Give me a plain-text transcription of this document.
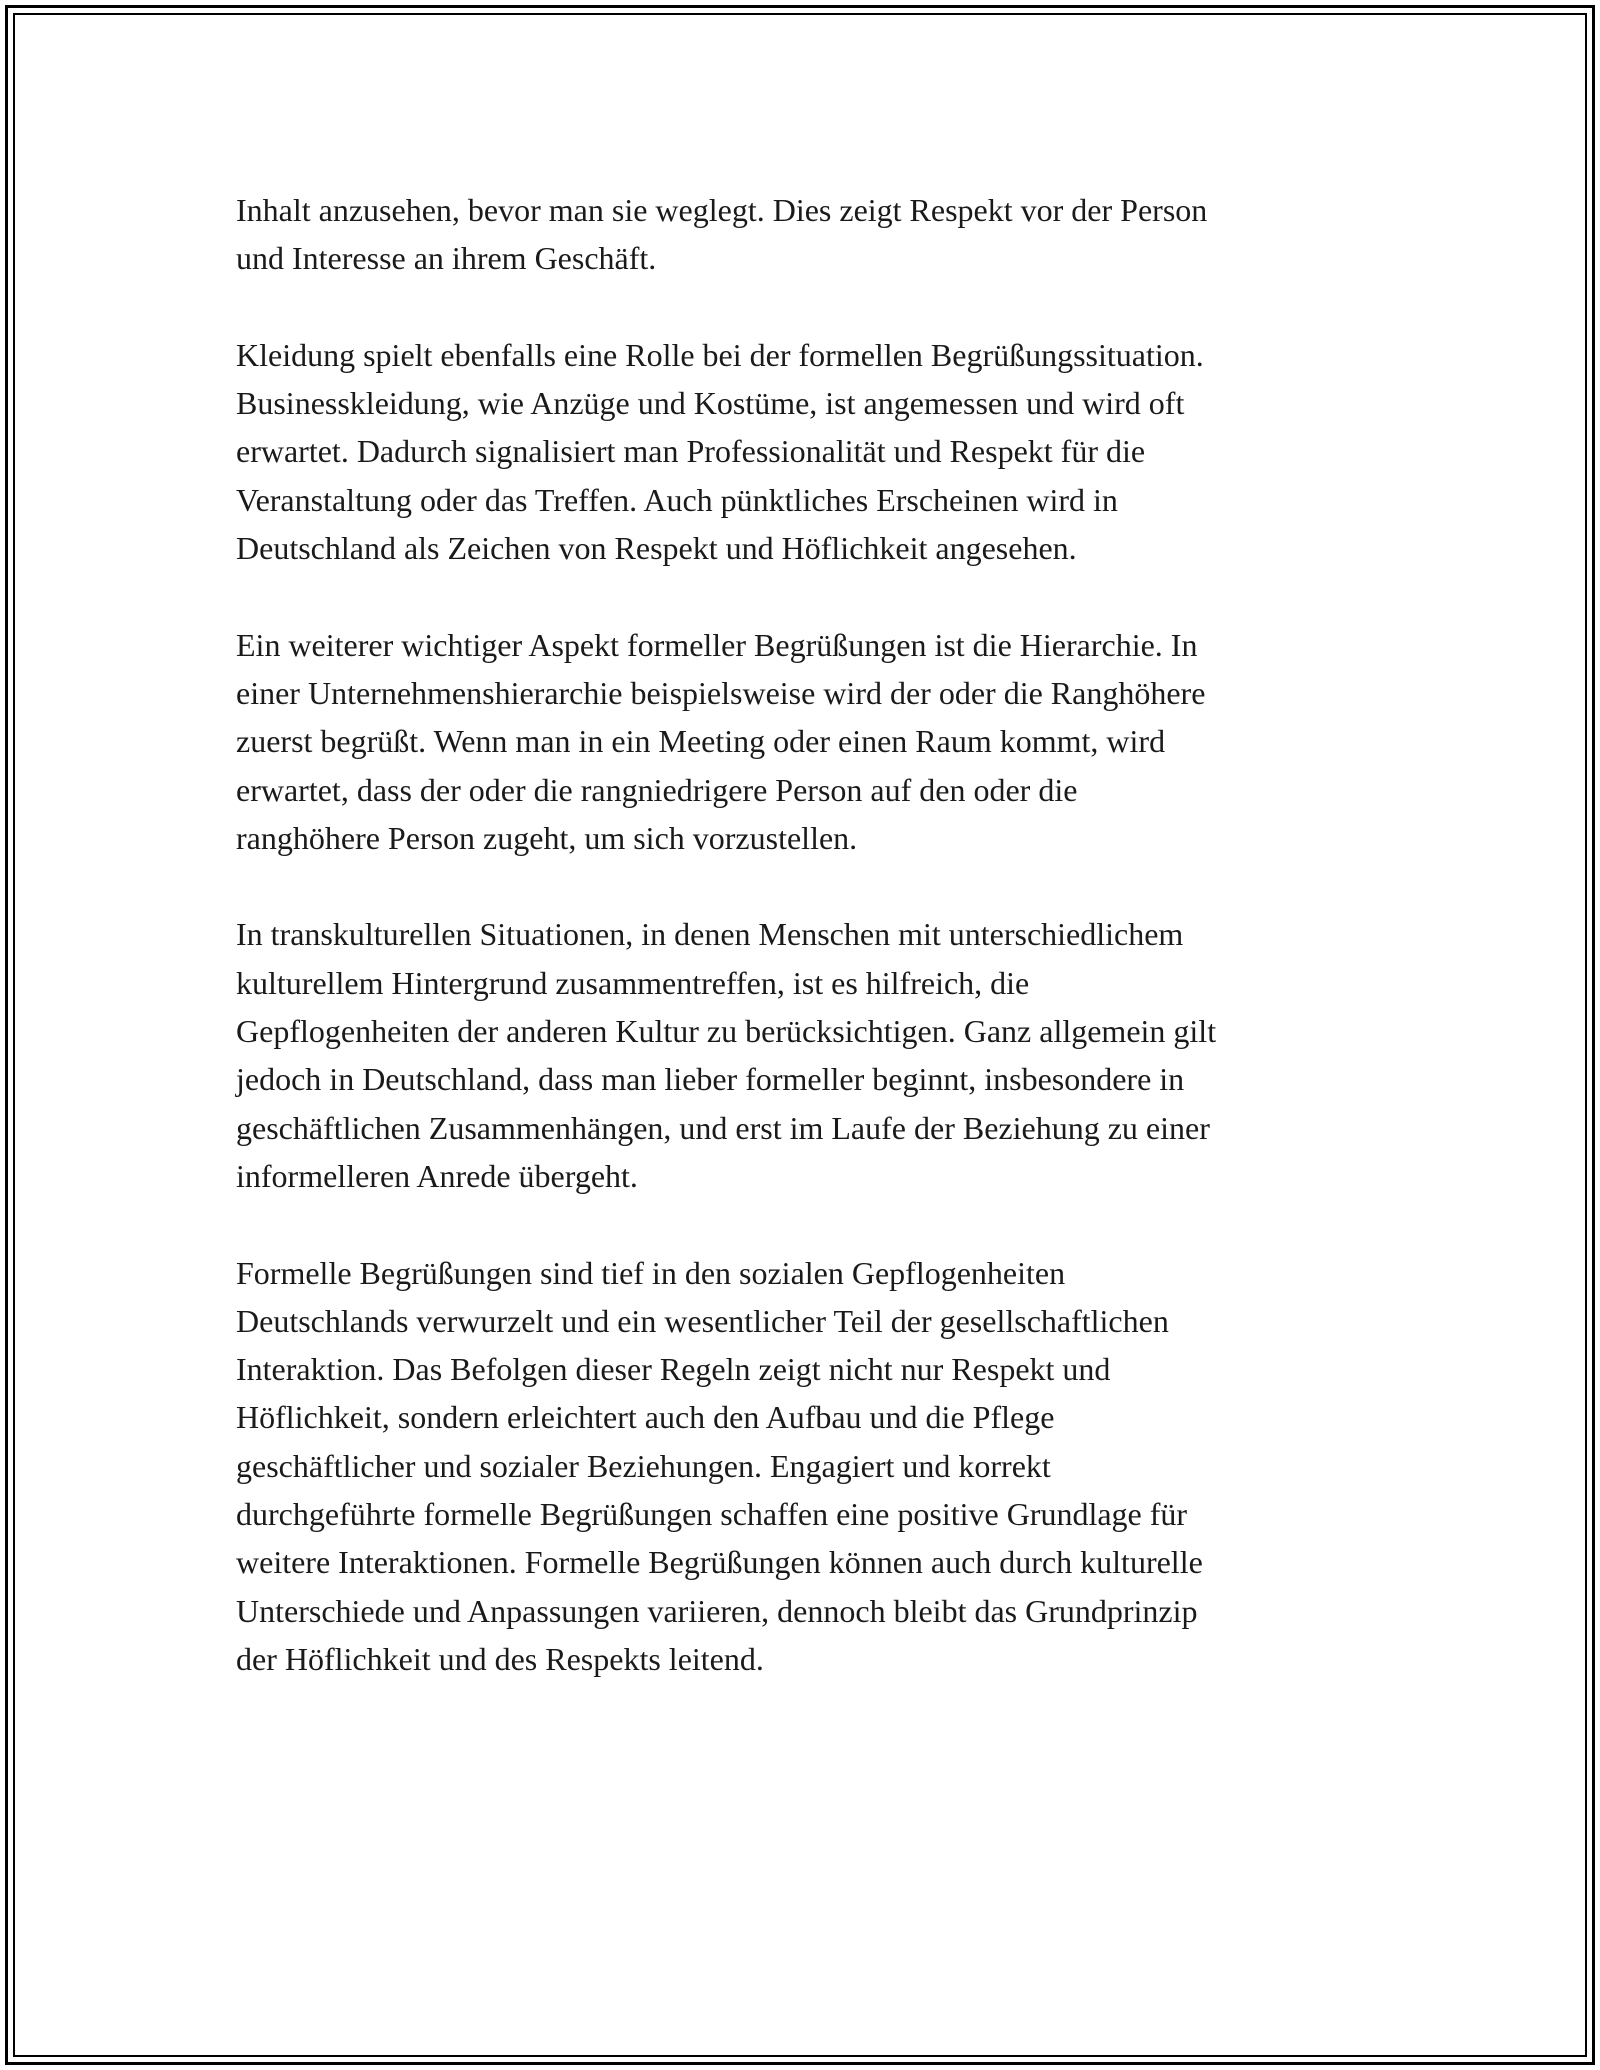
Inhalt anzusehen, bevor man sie weglegt. Dies zeigt Respekt vor der Person
und Interesse an ihrem Geschäft.

Kleidung spielt ebenfalls eine Rolle bei der formellen Begrüßungssituation.
Businesskleidung, wie Anzüge und Kostüme, ist angemessen und wird oft
erwartet. Dadurch signalisiert man Professionalität und Respekt für die
Veranstaltung oder das Treffen. Auch pünktliches Erscheinen wird in
Deutschland als Zeichen von Respekt und Höflichkeit angesehen.

Ein weiterer wichtiger Aspekt formeller Begrüßungen ist die Hierarchie. In
einer Unternehmenshierarchie beispielsweise wird der oder die Ranghöhere
zuerst begrüßt. Wenn man in ein Meeting oder einen Raum kommt, wird
erwartet, dass der oder die rangniedrigere Person auf den oder die
ranghöhere Person zugeht, um sich vorzustellen.

In transkulturellen Situationen, in denen Menschen mit unterschiedlichem
kulturellem Hintergrund zusammentreffen, ist es hilfreich, die
Gepflogenheiten der anderen Kultur zu berücksichtigen. Ganz allgemein gilt
jedoch in Deutschland, dass man lieber formeller beginnt, insbesondere in
geschäftlichen Zusammenhängen, und erst im Laufe der Beziehung zu einer
informelleren Anrede übergeht.

Formelle Begrüßungen sind tief in den sozialen Gepflogenheiten
Deutschlands verwurzelt und ein wesentlicher Teil der gesellschaftlichen
Interaktion. Das Befolgen dieser Regeln zeigt nicht nur Respekt und
Höflichkeit, sondern erleichtert auch den Aufbau und die Pflege
geschäftlicher und sozialer Beziehungen. Engagiert und korrekt
durchgeführte formelle Begrüßungen schaffen eine positive Grundlage für
weitere Interaktionen. Formelle Begrüßungen können auch durch kulturelle
Unterschiede und Anpassungen variieren, dennoch bleibt das Grundprinzip
der Höflichkeit und des Respekts leitend.
